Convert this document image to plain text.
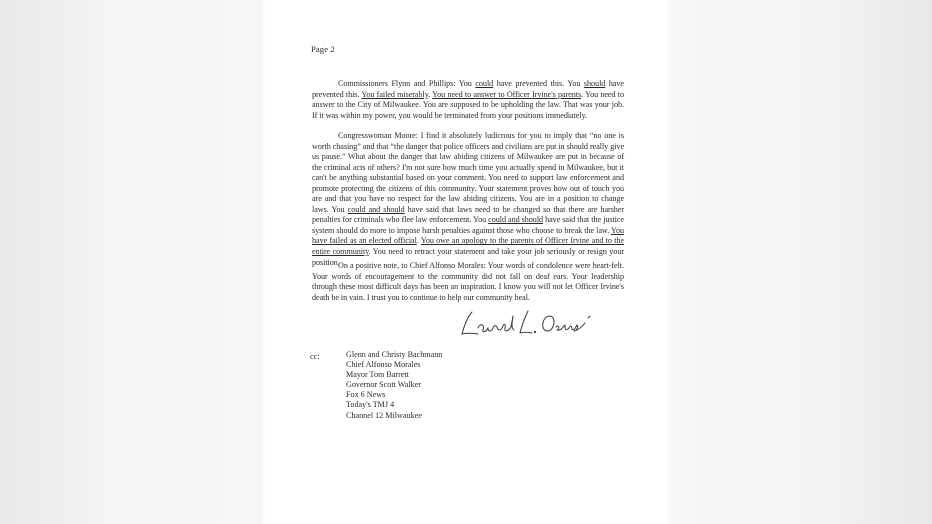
Page 2

Commissioners Flynn and Phillips: You could have prevented this. You should have prevented this. You failed miserably. You need to answer to Officer Irvine's parents. You need to answer to the City of Milwaukee. You are supposed to be upholding the law. That was your job. If it was within my power, you would be terminated from your positions immediately.

Congresswoman Moore: I find it absolutely ludicrous for you to imply that “no one is worth chasing” and that “the danger that police officers and civilians are put in should really give us pause.” What about the danger that law abiding citizens of Milwaukee are put in because of the criminal acts of others? I'm not sure how much time you actually spend in Milwaukee, but it can't be anything substantial based on your comment. You need to support law enforcement and promote protecting the citizens of this community. Your statement proves how out of touch you are and that you have no respect for the law abiding citizens. You are in a position to change laws. You could and should have said that laws need to be changed so that there are harsher penalties for criminals who flee law enforcement. You could and should have said that the justice system should do more to impose harsh penalties against those who choose to break the law. You have failed as an elected official. You owe an apology to the parents of Officer Irvine and to the entire community. You need to retract your statement and take your job seriously or resign your position.

On a positive note, to Chief Alfonso Morales: Your words of condolence were heart-felt. Your words of encouragement to the community did not fall on deaf ears. Your leadership through these most difficult days has been an inspiration. I know you will not let Officer Irvine's death be in vain. I trust you to continue to help our community heal.

cc:	Glenn and Christy Bachmann
Chief Alfonso Morales
Mayor Tom Barrett
Governor Scott Walker
Fox 6 News
Today's TMJ 4
Channel 12 Milwaukee
